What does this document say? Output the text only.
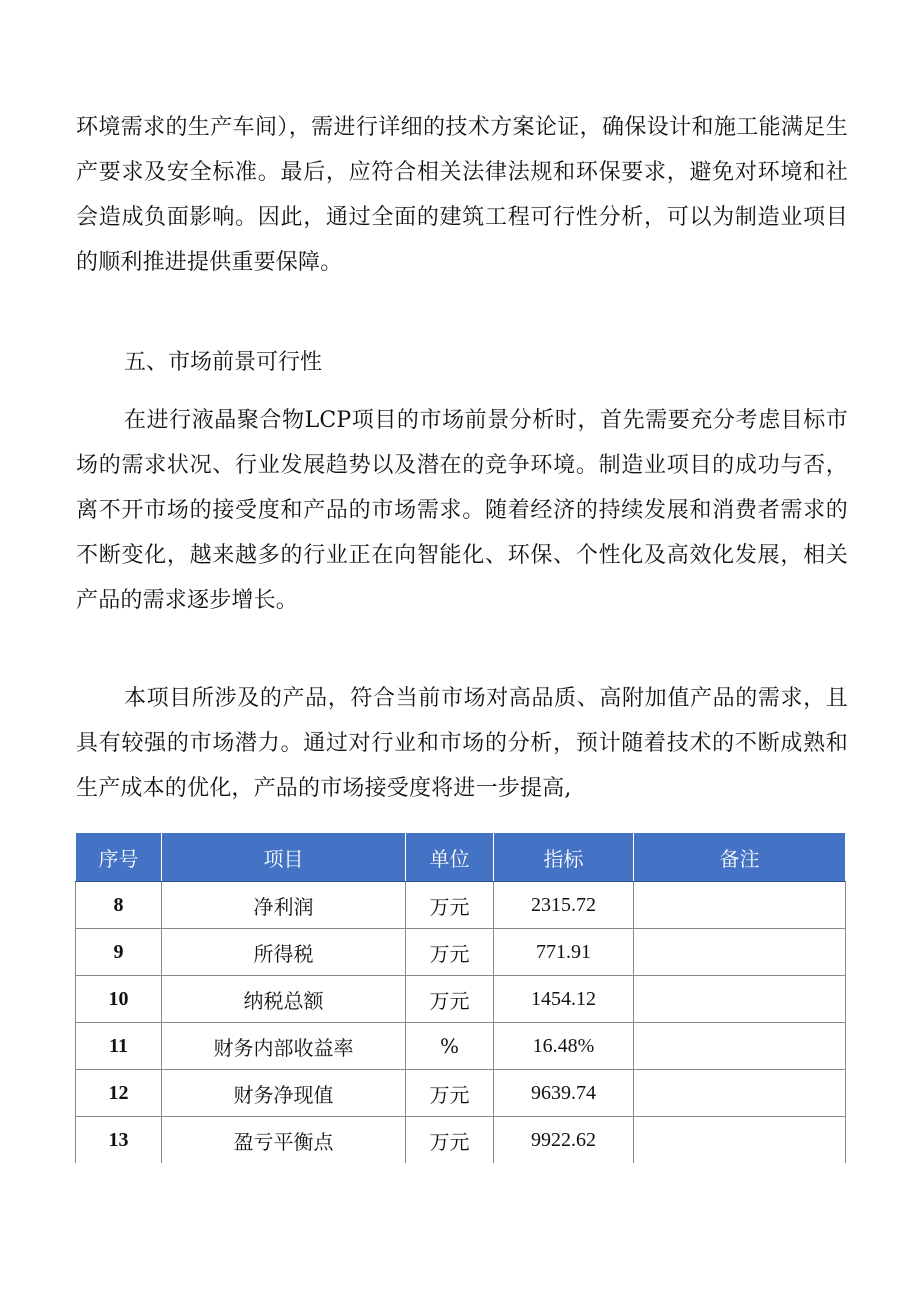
环境需求的生产车间），需进行详细的技术方案论证，确保设计和施工能满足生产要求及安全标准。最后，应符合相关法律法规和环保要求，避免对环境和社会造成负面影响。因此，通过全面的建筑工程可行性分析，可以为制造业项目的顺利推进提供重要保障。

五、市场前景可行性

在进行液晶聚合物LCP项目的市场前景分析时，首先需要充分考虑目标市场的需求状况、行业发展趋势以及潜在的竞争环境。制造业项目的成功与否，离不开市场的接受度和产品的市场需求。随着经济的持续发展和消费者需求的不断变化，越来越多的行业正在向智能化、环保、个性化及高效化发展，相关产品的需求逐步增长。

本项目所涉及的产品，符合当前市场对高品质、高附加值产品的需求，且具有较强的市场潜力。通过对行业和市场的分析，预计随着技术的不断成熟和生产成本的优化，产品的市场接受度将进一步提高,

序号	项目	单位	指标	备注
8	净利润	万元	2315.72	
9	所得税	万元	771.91	
10	纳税总额	万元	1454.12	
11	财务内部收益率	%	16.48%	
12	财务净现值	万元	9639.74	
13	盈亏平衡点	万元	9922.62	
